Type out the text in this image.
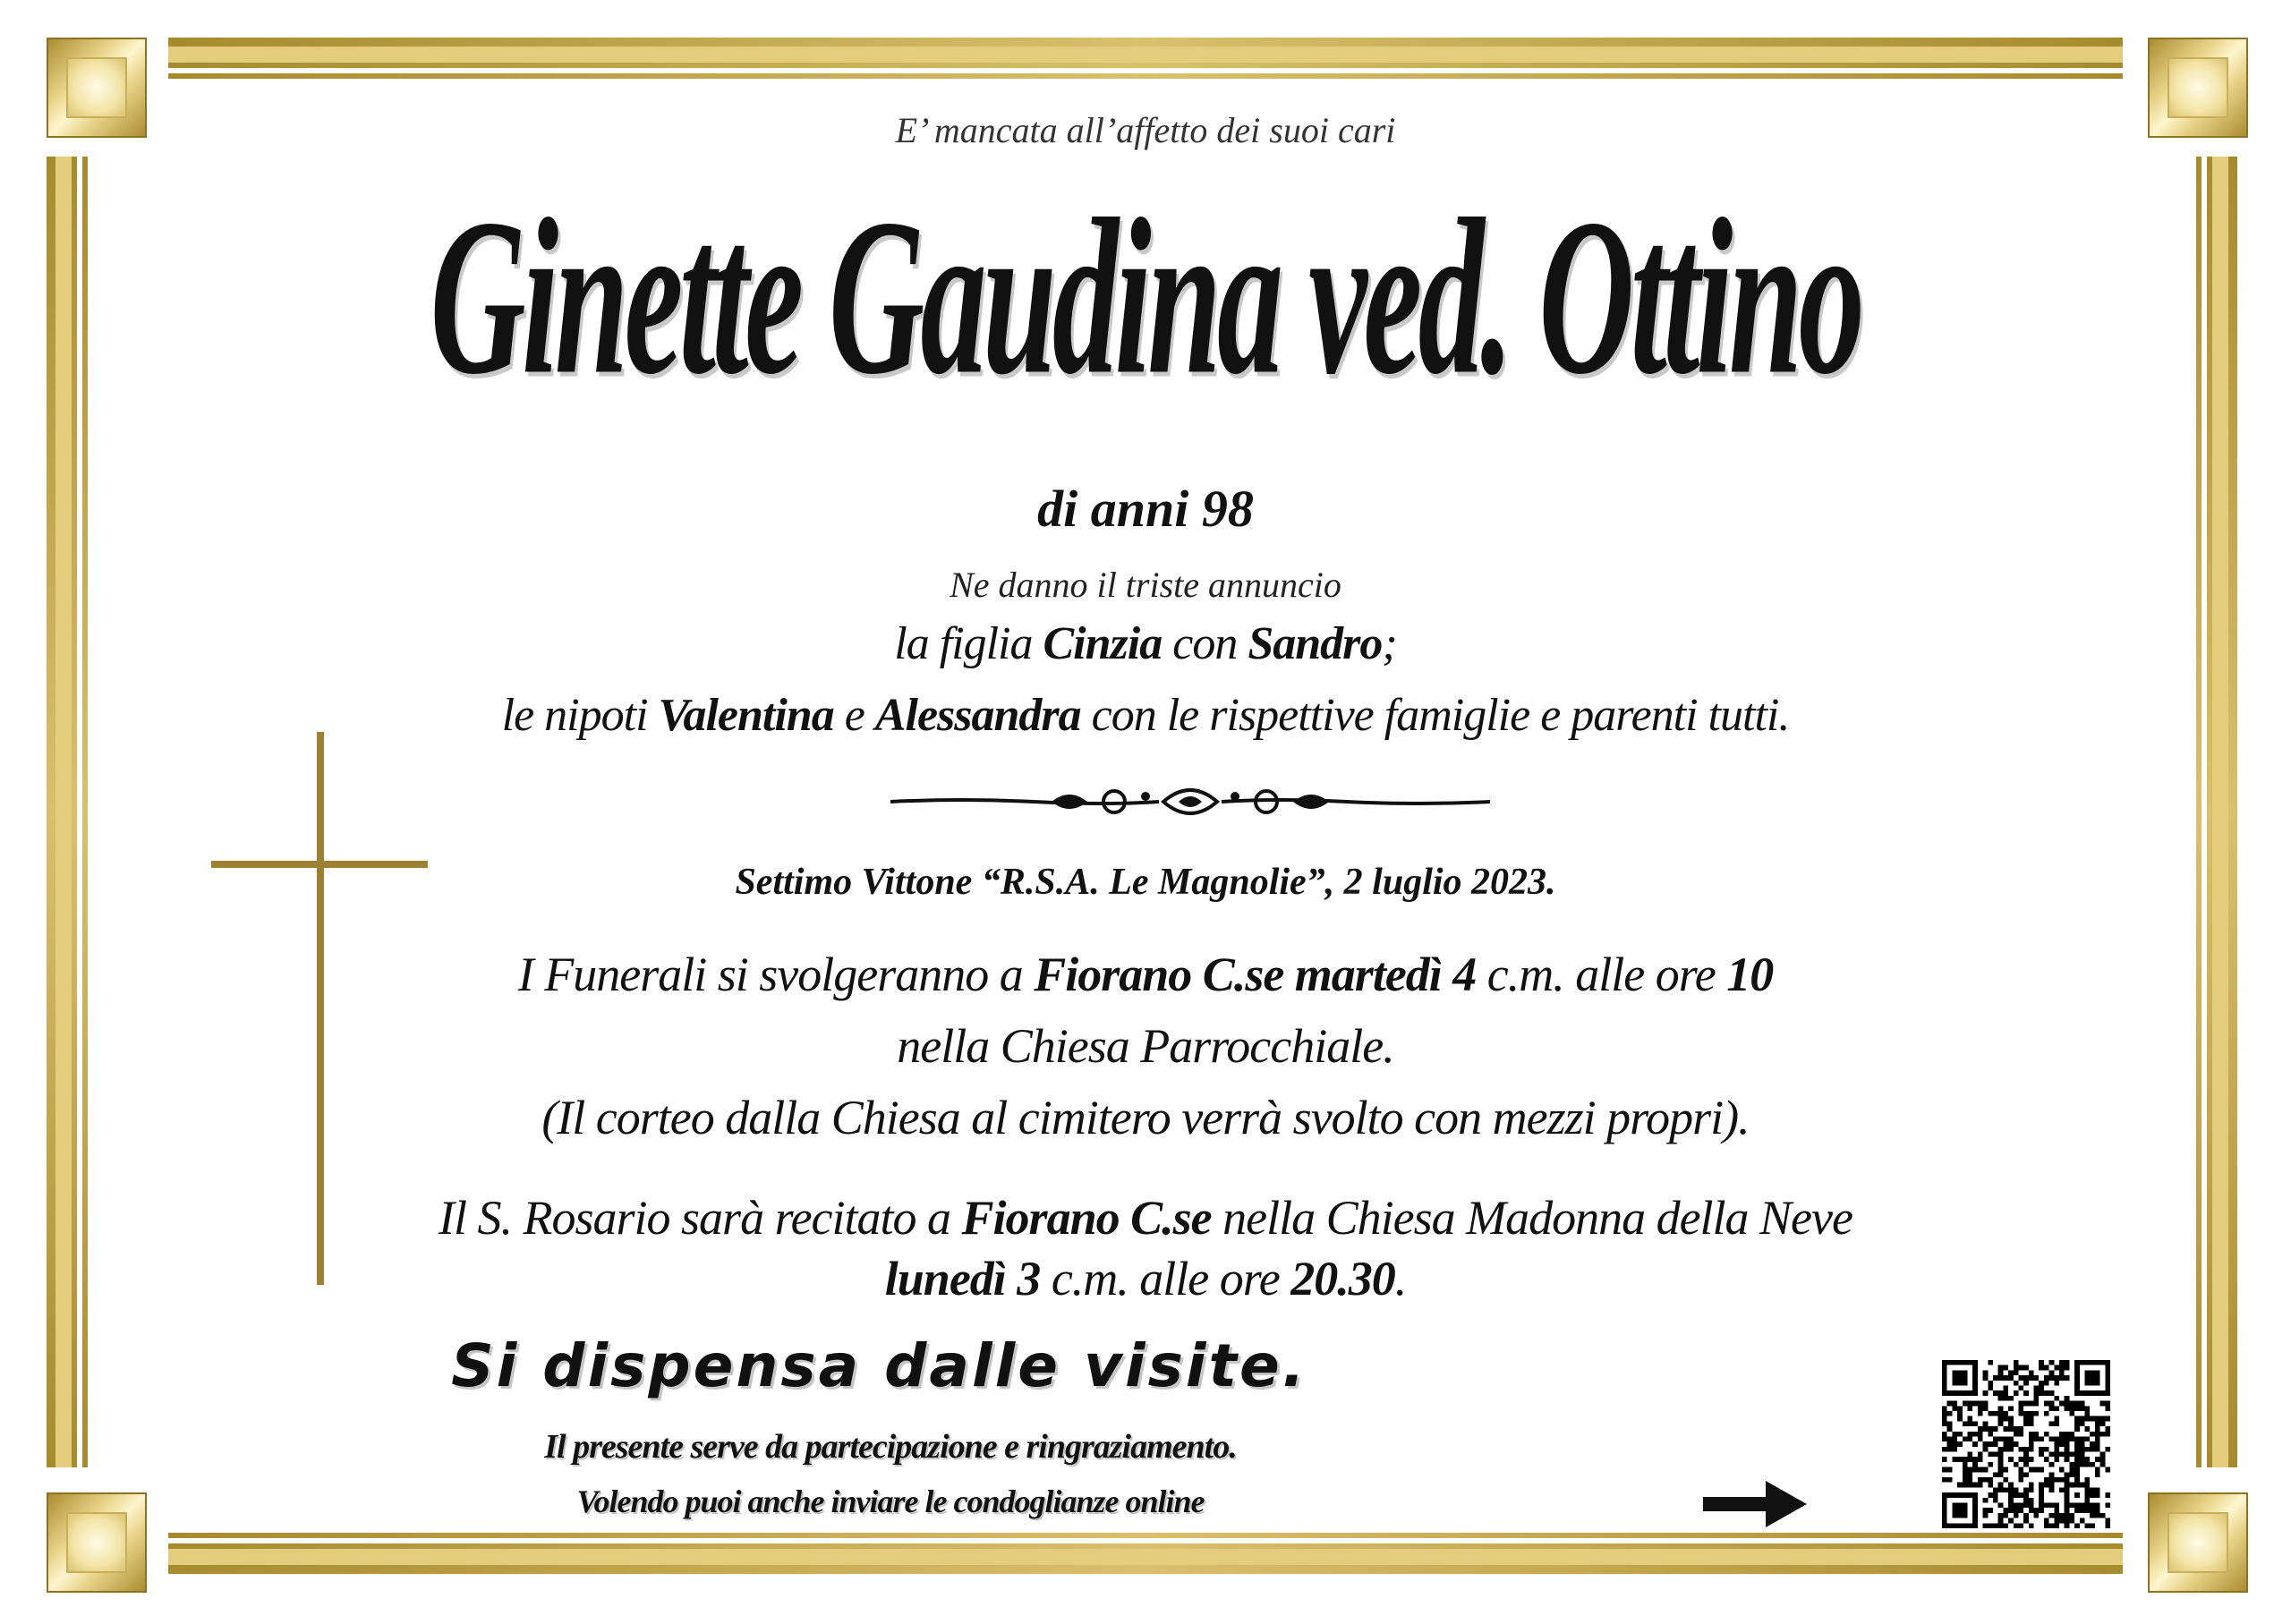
E’ mancata all’affetto dei suoi cari
Ginette Gaudina ved. Ottino
di anni 98
Ne danno il triste annuncio
la figlia Cinzia con Sandro;
le nipoti Valentina e Alessandra con le rispettive famiglie e parenti tutti.
Settimo Vittone “R.S.A. Le Magnolie”, 2 luglio 2023.
I Funerali si svolgeranno a Fiorano C.se martedì 4 c.m. alle ore 10
nella Chiesa Parrocchiale.
(Il corteo dalla Chiesa al cimitero verrà svolto con mezzi propri).
Il S. Rosario sarà recitato a Fiorano C.se nella Chiesa Madonna della Neve
lunedì 3 c.m. alle ore 20.30.
Si dispensa dalle visite.
Il presente serve da partecipazione e ringraziamento.
Volendo puoi anche inviare le condoglianze online
